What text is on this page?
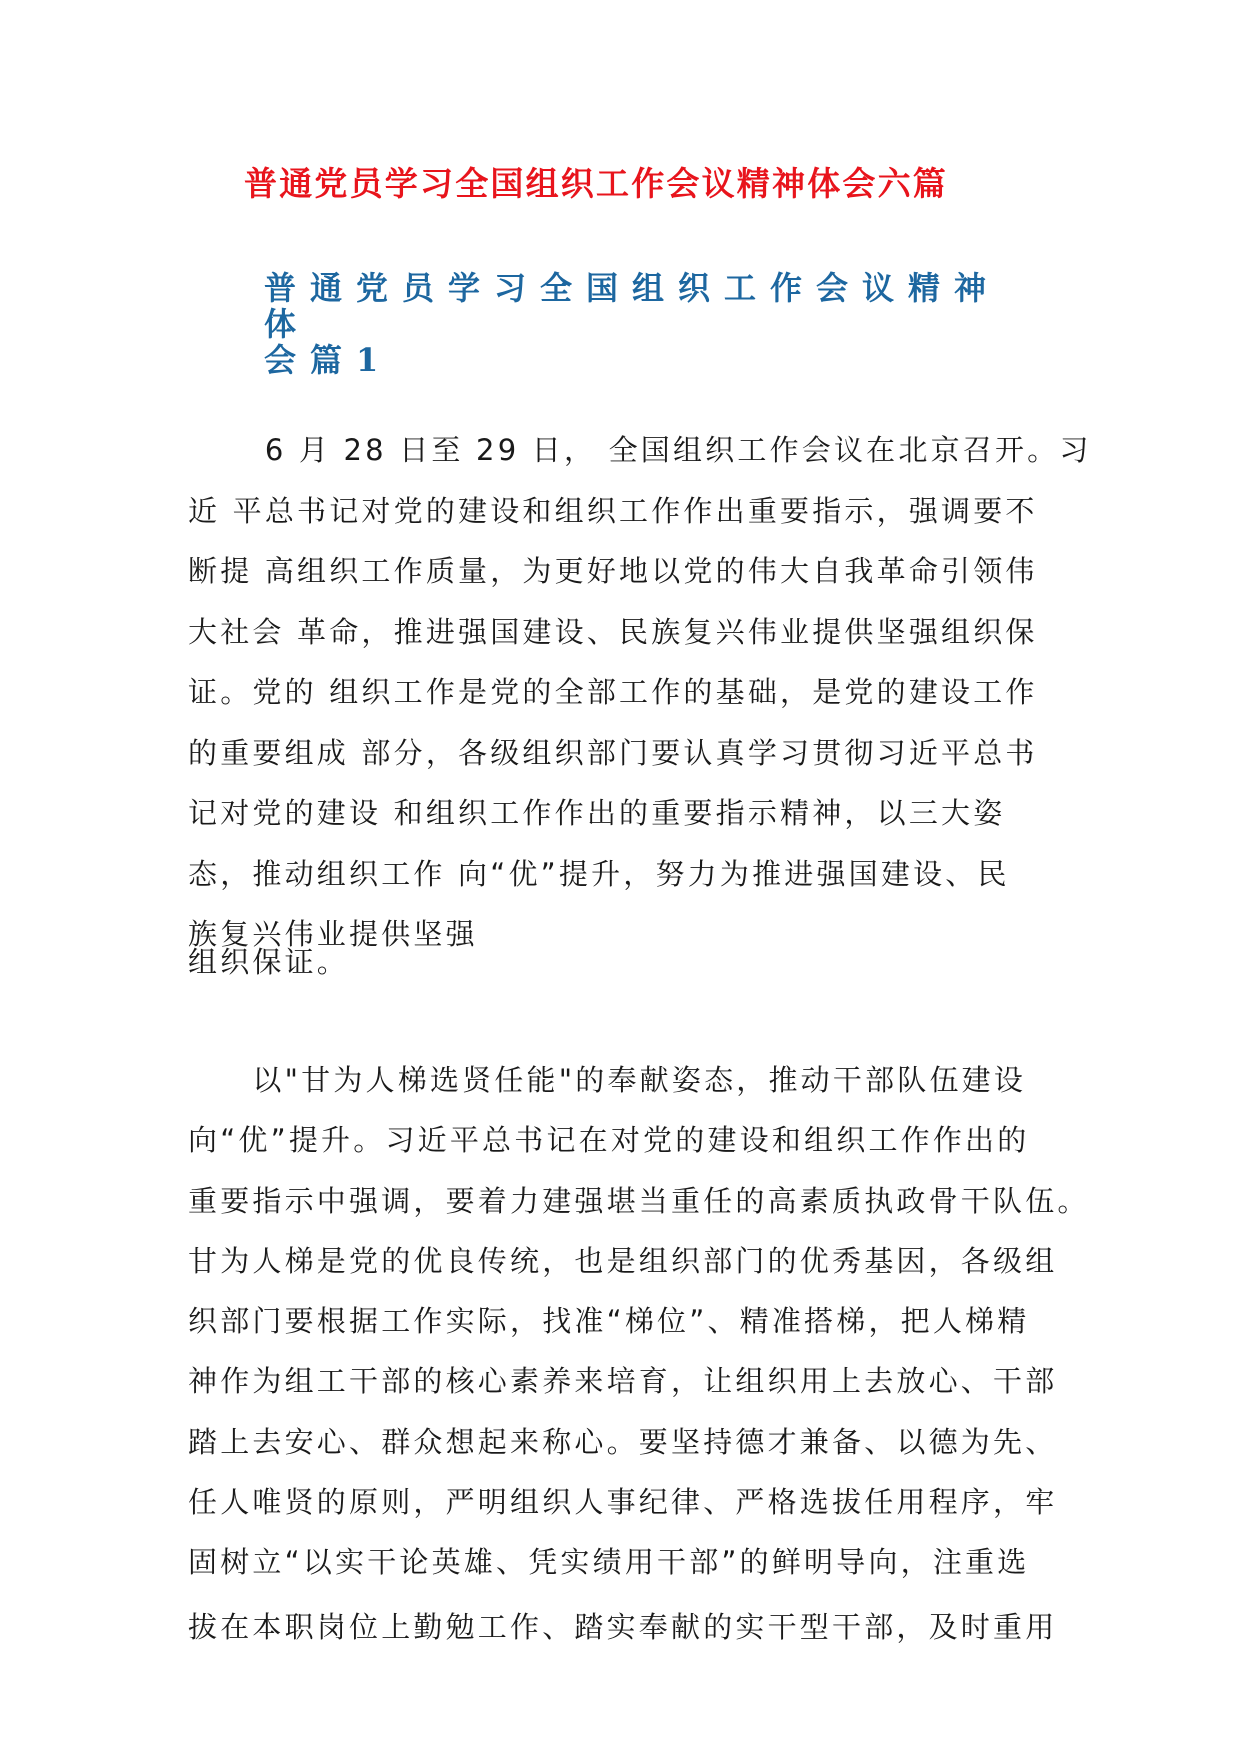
普通党员学习全国组织工作会议精神体会六篇
普通党员学习全国组织工作会议精神体
会篇1

　　 6 月 28 日至 29 日， 全国组织工作会议在北京召开。习
近 平总书记对党的建设和组织工作作出重要指示，强调要不
断提 高组织工作质量，为更好地以党的伟大自我革命引领伟
大社会 革命，推进强国建设、民族复兴伟业提供坚强组织保
证。党的 组织工作是党的全部工作的基础，是党的建设工作
的重要组成 部分，各级组织部门要认真学习贯彻习近平总书
记对党的建设 和组织工作作出的重要指示精神，以三大姿
态，推动组织工作 向“优”提升，努力为推进强国建设、民
族复兴伟业提供坚强

组织保证。

　　以"甘为人梯选贤任能"的奉献姿态，推动干部队伍建设
向“优”提升。习近平总书记在对党的建设和组织工作作出的
重要指示中强调，要着力建强堪当重任的高素质执政骨干队伍。
甘为人梯是党的优良传统，也是组织部门的优秀基因，各级组
织部门要根据工作实际，找准“梯位”、精准搭梯，把人梯精
神作为组工干部的核心素养来培育，让组织用上去放心、干部
踏上去安心、群众想起来称心。要坚持德才兼备、以德为先、
任人唯贤的原则，严明组织人事纪律、严格选拔任用程序，牢
固树立“以实干论英雄、凭实绩用干部”的鲜明导向，注重选
拔在本职岗位上勤勉工作、踏实奉献的实干型干部，及时重用
